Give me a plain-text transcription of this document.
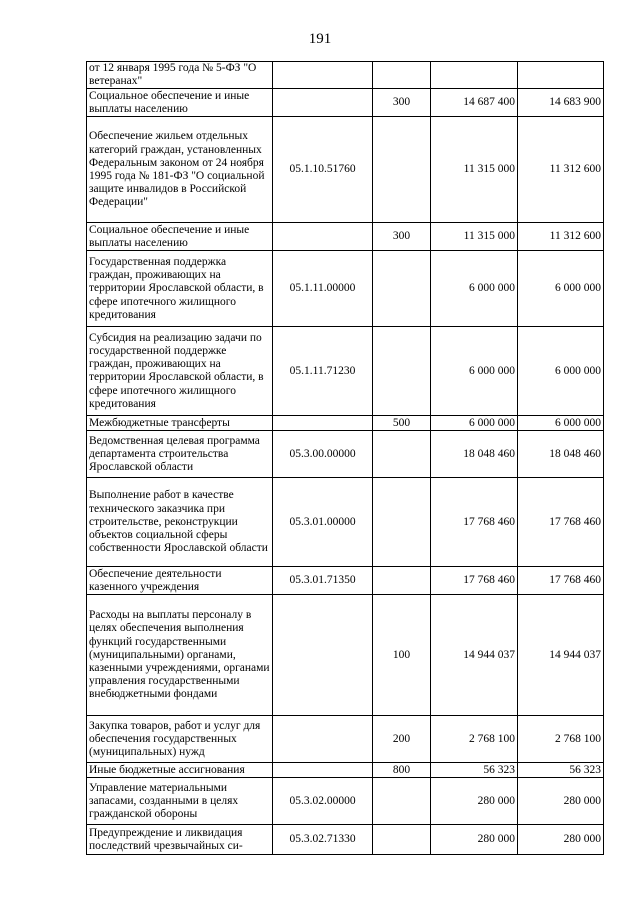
191
от 12 января 1995 года № 5-ФЗ "О ветеранах"				
Социальное обеспечение и иные выплаты населению		300	14 687 400	14 683 900
Обеспечение жильем отдельных категорий граждан, установленных Федеральным законом от 24 ноября 1995 года № 181-ФЗ "О социальной защите инвалидов в Российской Федерации"	05.1.10.51760		11 315 000	11 312 600
Социальное обеспечение и иные выплаты населению		300	11 315 000	11 312 600
Государственная поддержка граждан, проживающих на территории Ярославской области, в сфере ипотечного жилищного кредитования	05.1.11.00000		6 000 000	6 000 000
Субсидия на реализацию задачи по государственной поддержке граждан, проживающих на территории Ярославской области, в сфере ипотечного жилищного кредитования	05.1.11.71230		6 000 000	6 000 000
Межбюджетные трансферты		500	6 000 000	6 000 000
Ведомственная целевая программа департамента строительства Ярославской области	05.3.00.00000		18 048 460	18 048 460
Выполнение работ в качестве технического заказчика при строительстве, реконструкции объектов социальной сферы собственности Ярославской области	05.3.01.00000		17 768 460	17 768 460
Обеспечение деятельности казенного учреждения	05.3.01.71350		17 768 460	17 768 460
Расходы на выплаты персоналу в целях обеспечения выполнения функций государственными (муниципальными) органами, казенными учреждениями, органами управления государственными внебюджетными фондами		100	14 944 037	14 944 037
Закупка товаров, работ и услуг для обеспечения государственных (муниципальных) нужд		200	2 768 100	2 768 100
Иные бюджетные ассигнования		800	56 323	56 323
Управление материальными запасами, созданными в целях гражданской обороны	05.3.02.00000		280 000	280 000
Предупреждение и ликвидация последствий чрезвычайных си-	05.3.02.71330		280 000	280 000
